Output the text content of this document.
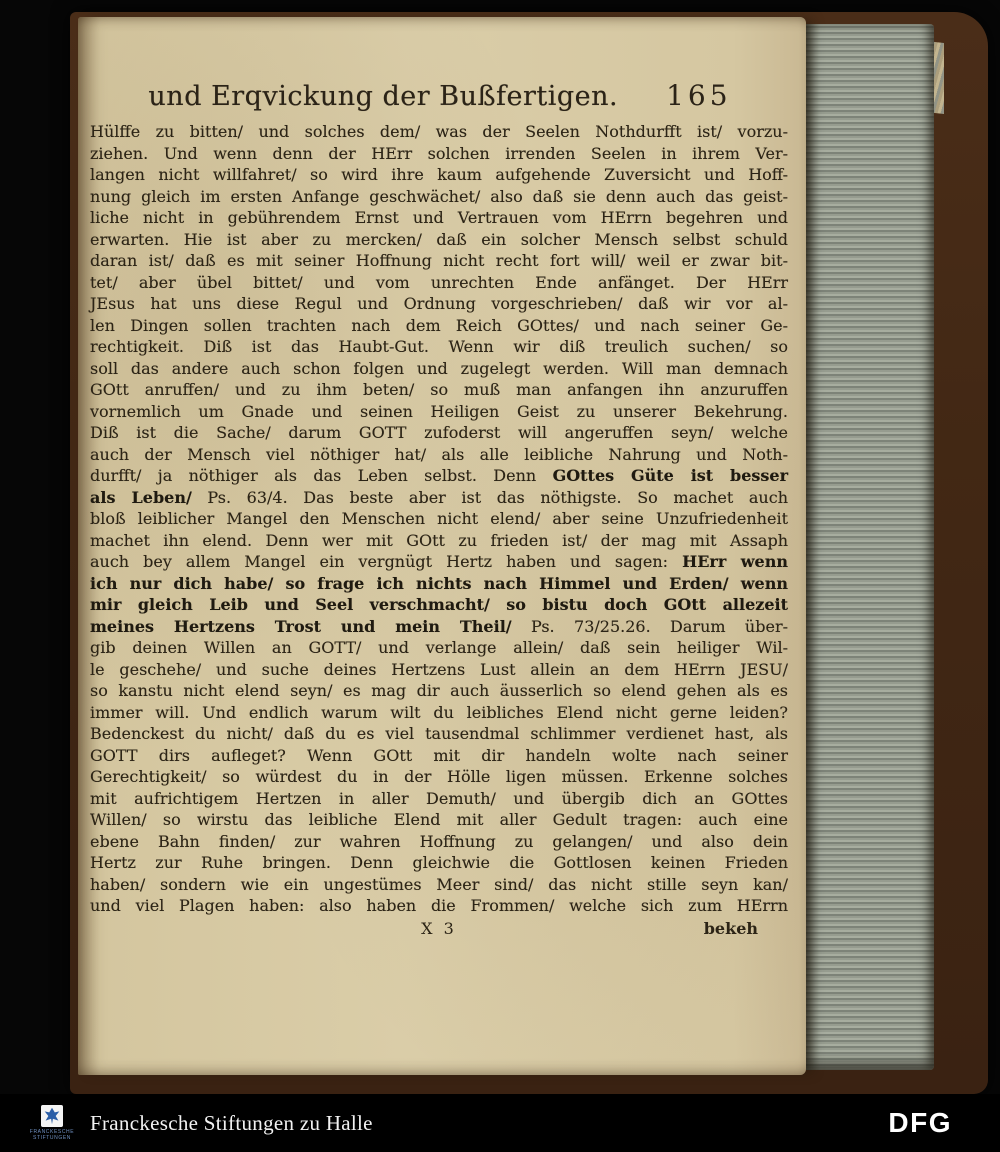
und Erqvickung der Bußfertigen. 165
Hülffe zu bitten/ und solches dem/ was der Seelen Nothdurfft ist/ vorzu-
ziehen. Und wenn denn der HErr solchen irrenden Seelen in ihrem Ver-
langen nicht willfahret/ so wird ihre kaum aufgehende Zuversicht und Hoff-
nung gleich im ersten Anfange geschwächet/ also daß sie denn auch das geist-
liche nicht in gebührendem Ernst und Vertrauen vom HErrn begehren und
erwarten. Hie ist aber zu mercken/ daß ein solcher Mensch selbst schuld
daran ist/ daß es mit seiner Hoffnung nicht recht fort will/ weil er zwar bit-
tet/ aber übel bittet/ und vom unrechten Ende anfänget. Der HErr
JEsus hat uns diese Regul und Ordnung vorgeschrieben/ daß wir vor al-
len Dingen sollen trachten nach dem Reich GOttes/ und nach seiner Ge-
rechtigkeit. Diß ist das Haubt-Gut. Wenn wir diß treulich suchen/ so
soll das andere auch schon folgen und zugelegt werden. Will man demnach
GOtt anruffen/ und zu ihm beten/ so muß man anfangen ihn anzuruffen
vornemlich um Gnade und seinen Heiligen Geist zu unserer Bekehrung.
Diß ist die Sache/ darum GOTT zufoderst will angeruffen seyn/ welche
auch der Mensch viel nöthiger hat/ als alle leibliche Nahrung und Noth-
durfft/ ja nöthiger als das Leben selbst. Denn GOttes Güte ist besser
als Leben/ Ps. 63/4. Das beste aber ist das nöthigste. So machet auch
bloß leiblicher Mangel den Menschen nicht elend/ aber seine Unzufriedenheit
machet ihn elend. Denn wer mit GOtt zu frieden ist/ der mag mit Assaph
auch bey allem Mangel ein vergnügt Hertz haben und sagen: HErr wenn
ich nur dich habe/ so frage ich nichts nach Himmel und Erden/ wenn
mir gleich Leib und Seel verschmacht/ so bistu doch GOtt allezeit
meines Hertzens Trost und mein Theil/ Ps. 73/25.26. Darum über-
gib deinen Willen an GOTT/ und verlange allein/ daß sein heiliger Wil-
le geschehe/ und suche deines Hertzens Lust allein an dem HErrn JESU/
so kanstu nicht elend seyn/ es mag dir auch äusserlich so elend gehen als es
immer will. Und endlich warum wilt du leibliches Elend nicht gerne leiden?
Bedenckest du nicht/ daß du es viel tausendmal schlimmer verdienet hast, als
GOTT dirs aufleget? Wenn GOtt mit dir handeln wolte nach seiner
Gerechtigkeit/ so würdest du in der Hölle ligen müssen. Erkenne solches
mit aufrichtigem Hertzen in aller Demuth/ und übergib dich an GOttes
Willen/ so wirstu das leibliche Elend mit aller Gedult tragen: auch eine
ebene Bahn finden/ zur wahren Hoffnung zu gelangen/ und also dein
Hertz zur Ruhe bringen. Denn gleichwie die Gottlosen keinen Frieden
haben/ sondern wie ein ungestümes Meer sind/ das nicht stille seyn kan/
und viel Plagen haben: also haben die Frommen/ welche sich zum HErrn
X 3	bekeh
FRANCKESCHE
STIFTUNGEN
Franckesche Stiftungen zu Halle	DFG
